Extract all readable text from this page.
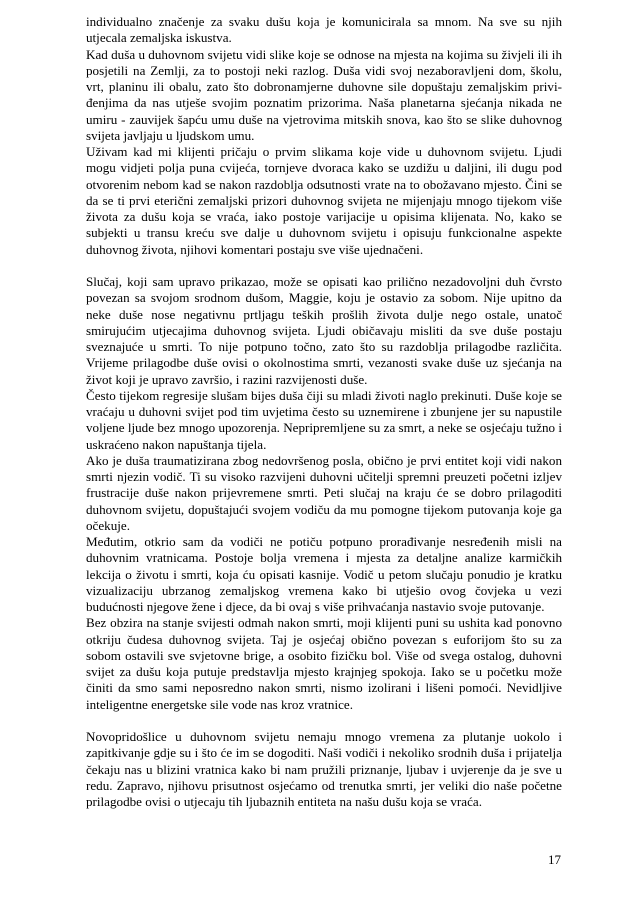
individualno značenje za svaku dušu koja je komunicirala sa mnom. Na sve su njih utjecala zemaljska iskustva.

Kad duša u duhovnom svijetu vidi slike koje se odnose na mjesta na kojima su živjeli ili ih posjetili na Zemlji, za to postoji neki razlog. Duša vidi svoj nezaboravljeni dom, školu, vrt, planinu ili obalu, zato što dobronamjerne duhovne sile dopuštaju zemaljskim priviđenjima da nas utješe svojim poznatim prizorima. Naša planetarna sjećanja nikada ne umiru - zauvijek šapću umu duše na vjetrovima mitskih snova, kao što se slike duhovnog svijeta javljaju u ljudskom umu.

Uživam kad mi klijenti pričaju o prvim slikama koje vide u duhovnom svijetu. Ljudi mogu vidjeti polja puna cvijeća, tornjeve dvoraca kako se uzdižu u daljini, ili dugu pod otvorenim nebom kad se nakon razdoblja odsutnosti vrate na to obožavano mjesto. Čini se da se ti prvi eterični zemaljski prizori duhovnog svijeta ne mijenjaju mnogo tijekom više života za dušu koja se vraća, iako postoje varijacije u opisima klijenata. No, kako se subjekti u transu kreću sve dalje u duhovnom svijetu i opisuju funkcionalne aspekte duhovnog života, njihovi komentari postaju sve više ujednačeni.

Slučaj, koji sam upravo prikazao, može se opisati kao prilično nezadovoljni duh čvrsto povezan sa svojom srodnom dušom, Maggie, koju je ostavio za sobom. Nije upitno da neke duše nose negativnu prtljagu teških prošlih života dulje nego ostale, unatoč smirujućim utjecajima duhovnog svijeta. Ljudi običavaju misliti da sve duše postaju sveznajuće u smrti. To nije potpuno točno, zato što su razdoblja prilagodbe različita. Vrijeme prilagodbe duše ovisi o okolnostima smrti, vezanosti svake duše uz sjećanja na život koji je upravo završio, i razini razvijenosti duše.

Često tijekom regresije slušam bijes duša čiji su mladi životi naglo prekinuti. Duše koje se vraćaju u duhovni svijet pod tim uvjetima često su uznemirene i zbunjene jer su napustile voljene ljude bez mnogo upozorenja. Nepripremljene su za smrt, a neke se osjećaju tužno i uskraćeno nakon napuštanja tijela.

Ako je duša traumatizirana zbog nedovršenog posla, obično je prvi entitet koji vidi nakon smrti njezin vodič. Ti su visoko razvijeni duhovni učitelji spremni preuzeti početni izljev frustracije duše nakon prijevremene smrti. Peti slučaj na kraju će se dobro prilagoditi duhovnom svijetu, dopuštajući svojem vodiču da mu pomogne tijekom putovanja koje ga očekuje.

Međutim, otkrio sam da vodiči ne potiču potpuno prorađivanje nesređenih misli na duhovnim vratnicama. Postoje bolja vremena i mjesta za detaljne analize karmičkih lekcija o životu i smrti, koja ću opisati kasnije. Vodič u petom slučaju ponudio je kratku vizualizaciju ubrzanog zemaljskog vremena kako bi utješio ovog čovjeka u vezi budućnosti njegove žene i djece, da bi ovaj s više prihvaćanja nastavio svoje putovanje.

Bez obzira na stanje svijesti odmah nakon smrti, moji klijenti puni su ushita kad ponovno otkriju čudesa duhovnog svijeta. Taj je osjećaj obično povezan s euforijom što su za sobom ostavili sve svjetovne brige, a osobito fizičku bol. Više od svega ostalog, duhovni svijet za dušu koja putuje predstavlja mjesto krajnjeg spokoja. Iako se u početku može činiti da smo sami neposredno nakon smrti, nismo izolirani i lišeni pomoći. Nevidljive inteligentne energetske sile vode nas kroz vratnice.

Novopridošlice u duhovnom svijetu nemaju mnogo vremena za plutanje uokolo i zapitkivanje gdje su i što će im se dogoditi. Naši vodiči i nekoliko srodnih duša i prijatelja čekaju nas u blizini vratnica kako bi nam pružili priznanje, ljubav i uvjerenje da je sve u redu. Zapravo, njihovu prisutnost osjećamo od trenutka smrti, jer veliki dio naše početne prilagodbe ovisi o utjecaju tih ljubaznih entiteta na našu dušu koja se vraća.

17
